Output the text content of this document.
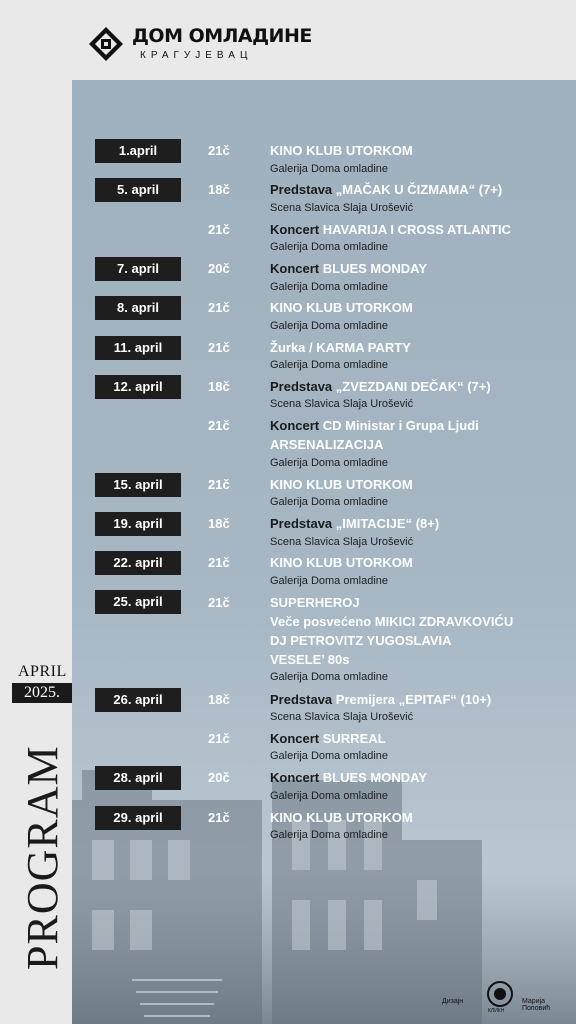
ДОМ ОМЛАДИНЕ
КРАГУЈЕВАЦ
1.april	21č	KINO KLUB UTORKOM
Galerija Doma omladine
5. april	18č	Predstava „MAČAK U ČIZMAMA“ (7+)
Scena Slavica Slaja Urošević
21č	Koncert HAVARIJA I CROSS ATLANTIC
Galerija Doma omladine
7. april	20č	Koncert BLUES MONDAY
Galerija Doma omladine
8. april	21č	KINO KLUB UTORKOM
Galerija Doma omladine
11. april	21č	Žurka / KARMA PARTY
Galerija Doma omladine
12. april	18č	Predstava „ZVEZDANI DEČAK“ (7+)
Scena Slavica Slaja Urošević
21č	Koncert CD Ministar i Grupa Ljudi
ARSENALIZACIJA
Galerija Doma omladine
15. april	21č	KINO KLUB UTORKOM
Galerija Doma omladine
19. april	18č	Predstava „IMITACIJE“ (8+)
Scena Slavica Slaja Urošević
22. april	21č	KINO KLUB UTORKOM
Galerija Doma omladine
25. april	21č	SUPERHEROJ
Veče posvećeno MIKICI ZDRAVKOVIĆU
DJ PETROVITZ YUGOSLAVIA
VESELE’ 80s
Galerija Doma omladine
26. april	18č	Predstava Premijera „EPITAF“ (10+)
Scena Slavica Slaja Urošević
21č	Koncert SURREAL
Galerija Doma omladine
28. april	20č	Koncert BLUES MONDAY
Galerija Doma omladine
29. april	21č	KINO KLUB UTORKOM
Galerija Doma omladine
APRIL
2025.
PROGRAM
Дизајн
КЛИКН
Марија Поповић
